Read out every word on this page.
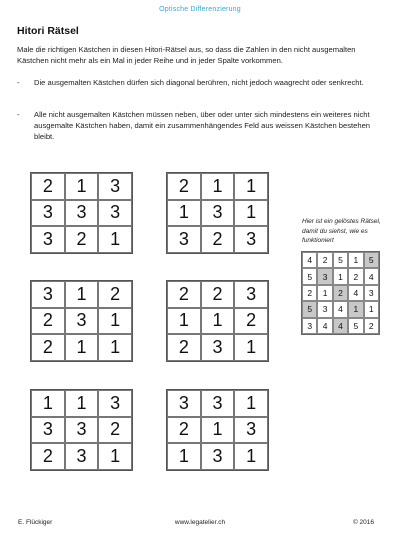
Optische Differenzierung
Hitori Rätsel
Male die richtigen Kästchen in diesen Hitori-Rätsel aus, so dass die Zahlen in den nicht ausgemalten Kästchen nicht mehr als ein Mal in jeder Reihe und in jeder Spalte vorkommen.
- Die ausgemalten Kästchen dürfen sich diagonal berühren, nicht jedoch waagrecht oder senkrecht.
- Alle nicht ausgemalten Kästchen müssen neben, über oder unter sich mindestens ein weiteres nicht ausgemalte Kästchen haben, damit ein zusammenhängendes Feld aus weissen Kästchen bestehen bleibt.
2	1	3
3	3	3
3	2	1
2	1	1
1	3	1
3	2	3
3	1	2
2	3	1
2	1	1
2	2	3
1	1	2
2	3	1
1	1	3
3	3	2
2	3	1
3	3	1
2	1	3
1	3	1
Hier ist ein gelöstes Rätsel, damit du siehst, wie es funktioniert
4	2	5	1	5
5	3	1	2	4
2	1	2	4	3
5	3	4	1	1
3	4	4	5	2
E. Flückiger	www.legatelier.ch	© 2016
